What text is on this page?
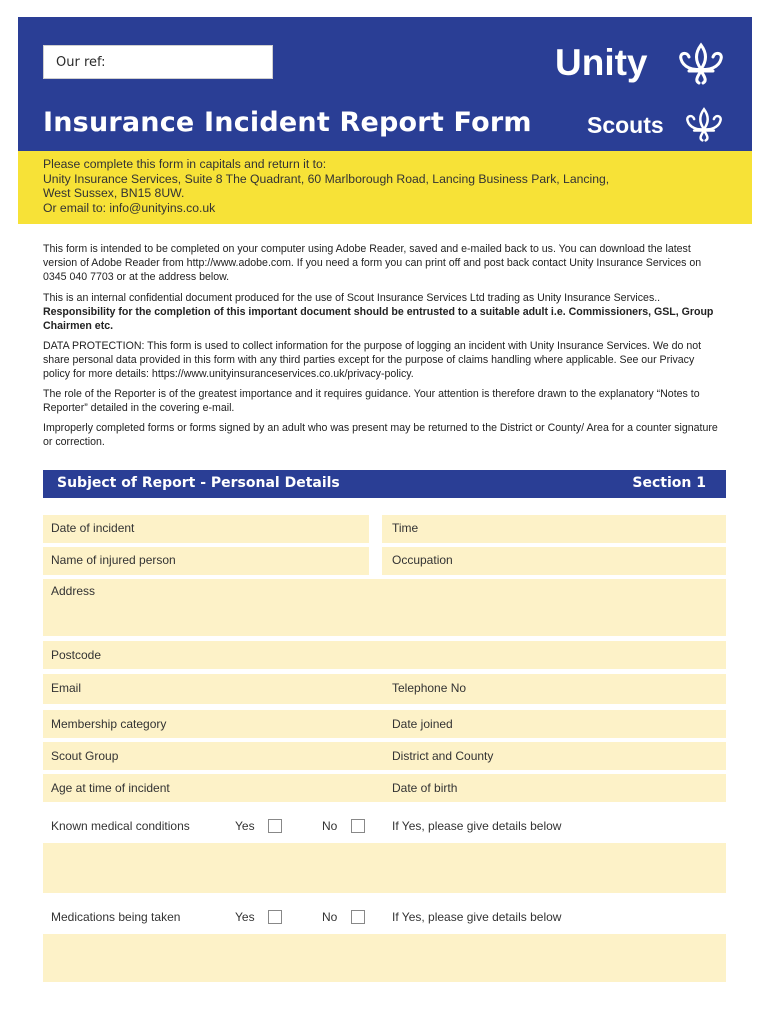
Our ref:
Insurance Incident Report Form
Unity
Scouts
Please complete this form in capitals and return it to:
Unity Insurance Services, Suite 8 The Quadrant, 60 Marlborough Road, Lancing Business Park, Lancing,
West Sussex, BN15 8UW.
Or email to: info@unityins.co.uk

This form is intended to be completed on your computer using Adobe Reader, saved and e-mailed back to us. You can download the latest version of Adobe Reader from http://www.adobe.com. If you need a form you can print off and post back contact Unity Insurance Services on 0345 040 7703 or at the address below.

This is an internal confidential document produced for the use of Scout Insurance Services Ltd trading as Unity Insurance Services.. Responsibility for the completion of this important document should be entrusted to a suitable adult i.e. Commissioners, GSL, Group Chairmen etc.

DATA PROTECTION: This form is used to collect information for the purpose of logging an incident with Unity Insurance Services. We do not share personal data provided in this form with any third parties except for the purpose of claims handling where applicable. See our Privacy policy for more details: https://www.unityinsuranceservices.co.uk/privacy-policy.

The role of the Reporter is of the greatest importance and it requires guidance. Your attention is therefore drawn to the explanatory “Notes to Reporter” detailed in the covering e-mail.

Improperly completed forms or forms signed by an adult who was present may be returned to the District or County/ Area for a counter signature or correction.

Subject of Report - Personal Details	Section 1
Date of incident	Time
Name of injured person	Occupation
Address
Postcode
Email	Telephone No
Membership category	Date joined
Scout Group	District and County
Age at time of incident	Date of birth
Known medical conditions	Yes	No	If Yes, please give details below
Medications being taken	Yes	No	If Yes, please give details below
